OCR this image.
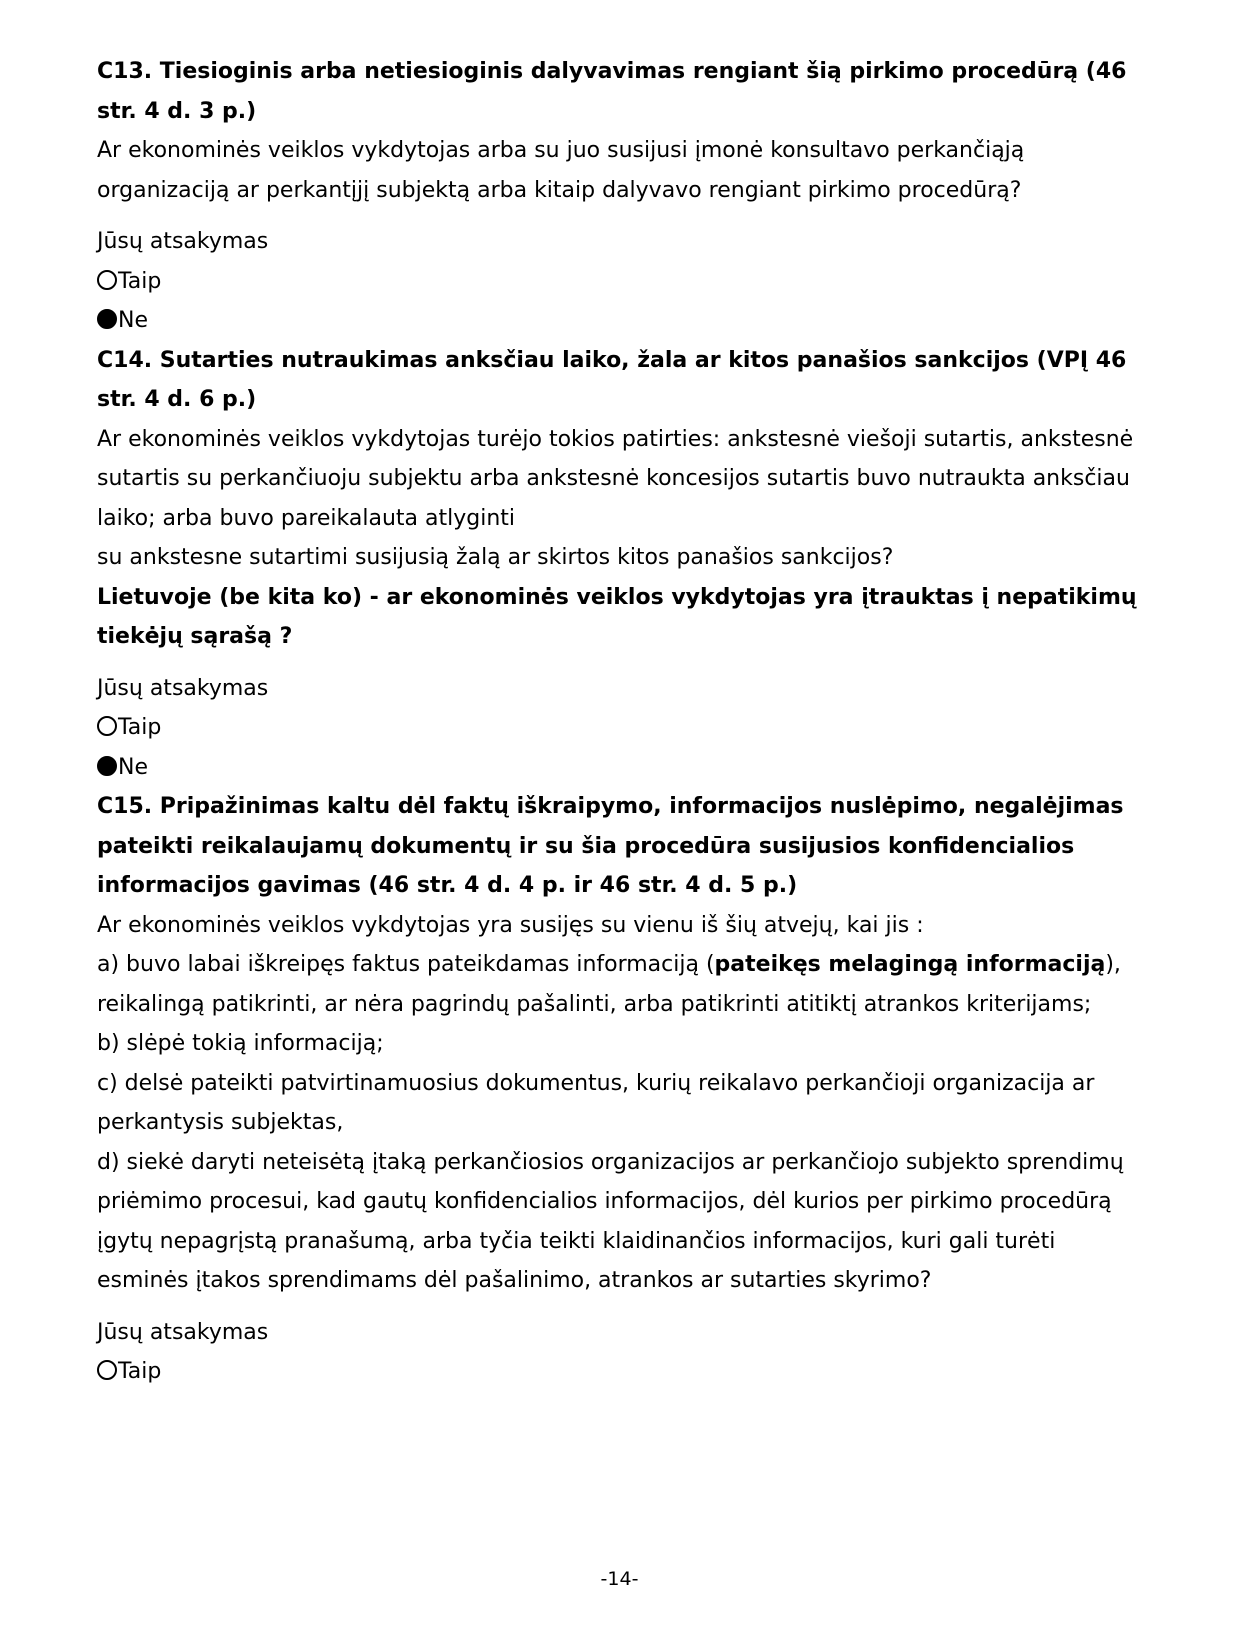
C13. Tiesioginis arba netiesioginis dalyvavimas rengiant šią pirkimo procedūrą (46 str. 4 d. 3 p.)

Ar ekonominės veiklos vykdytojas arba su juo susijusi įmonė konsultavo perkančiąją organizaciją ar perkantįjį subjektą arba kitaip dalyvavo rengiant pirkimo procedūrą?

Jūsų atsakymas

Taip
Ne

C14. Sutarties nutraukimas anksčiau laiko, žala ar kitos panašios sankcijos (VPĮ 46 str. 4 d. 6 p.)

Ar ekonominės veiklos vykdytojas turėjo tokios patirties: ankstesnė viešoji sutartis, ankstesnė sutartis su perkančiuoju subjektu arba ankstesnė koncesijos sutartis buvo nutraukta anksčiau laiko; arba buvo pareikalauta atlyginti

su ankstesne sutartimi susijusią žalą ar skirtos kitos panašios sankcijos?

Lietuvoje (be kita ko) - ar ekonominės veiklos vykdytojas yra įtrauktas į nepatikimų tiekėjų sąrašą ?

Jūsų atsakymas

Taip
Ne

C15. Pripažinimas kaltu dėl faktų iškraipymo, informacijos nuslėpimo, negalėjimas pateikti reikalaujamų dokumentų ir su šia procedūra susijusios konfidencialios informacijos gavimas (46 str. 4 d. 4 p. ir 46 str. 4 d. 5 p.)

Ar ekonominės veiklos vykdytojas yra susijęs su vienu iš šių atvejų, kai jis :

a) buvo labai iškreipęs faktus pateikdamas informaciją (pateikęs melagingą informaciją), reikalingą patikrinti, ar nėra pagrindų pašalinti, arba patikrinti atitiktį atrankos kriterijams;

b) slėpė tokią informaciją;

c) delsė pateikti patvirtinamuosius dokumentus, kurių reikalavo perkančioji organizacija ar perkantysis subjektas,

d) siekė daryti neteisėtą įtaką perkančiosios organizacijos ar perkančiojo subjekto sprendimų priėmimo procesui, kad gautų konfidencialios informacijos, dėl kurios per pirkimo procedūrą įgytų nepagrįstą pranašumą, arba tyčia teikti klaidinančios informacijos, kuri gali turėti esminės įtakos sprendimams dėl pašalinimo, atrankos ar sutarties skyrimo?

Jūsų atsakymas

Taip
-14-
